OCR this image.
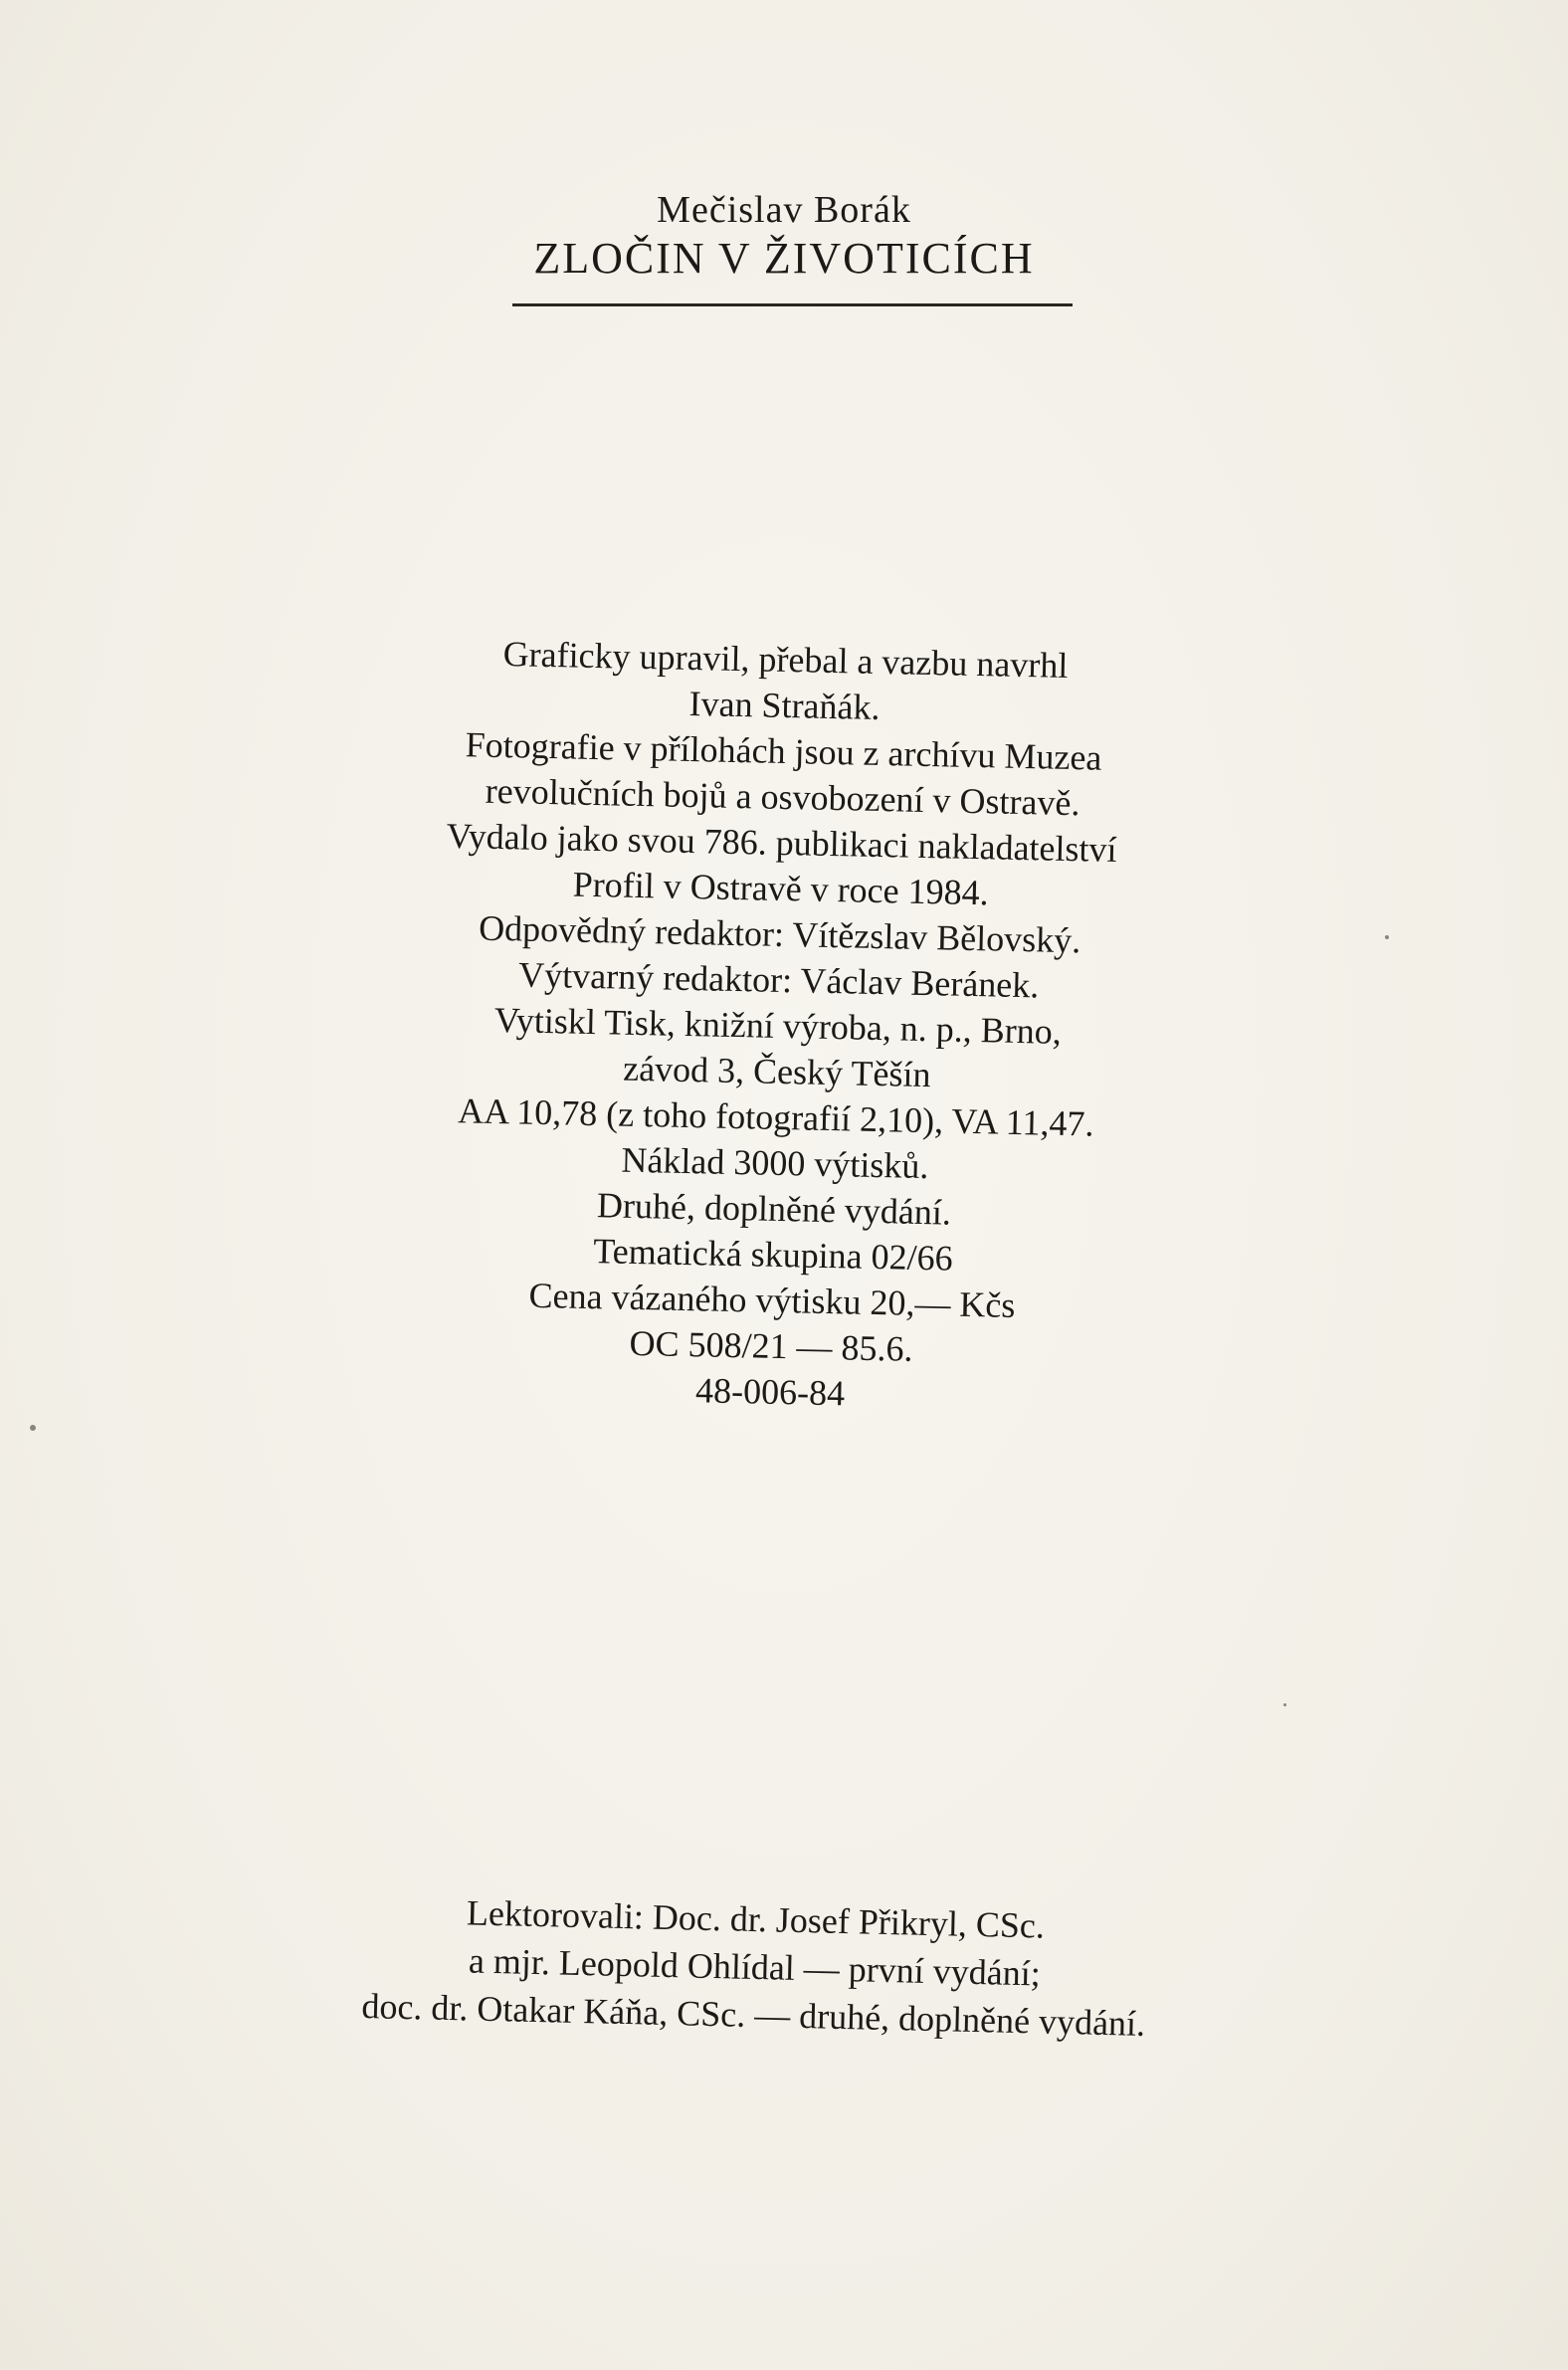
Mečislav Borák
ZLOČIN V ŽIVOTICÍCH
Graficky upravil, přebal a vazbu navrhl
Ivan Straňák.
Fotografie v přílohách jsou z archívu Muzea
revolučních bojů a osvobození v Ostravě.
Vydalo jako svou 786. publikaci nakladatelství
Profil v Ostravě v roce 1984.
Odpovědný redaktor: Vítězslav Bělovský.
Výtvarný redaktor: Václav Beránek.
Vytiskl Tisk, knižní výroba, n. p., Brno,
závod 3, Český Těšín
AA 10,78 (z toho fotografií 2,10), VA 11,47.
Náklad 3000 výtisků.
Druhé, doplněné vydání.
Tematická skupina 02/66
Cena vázaného výtisku 20,— Kčs
OC 508/21 — 85.6.
48-006-84
Lektorovali: Doc. dr. Josef Přikryl, CSc.
a mjr. Leopold Ohlídal — první vydání;
doc. dr. Otakar Káňa, CSc. — druhé, doplněné vydání.
